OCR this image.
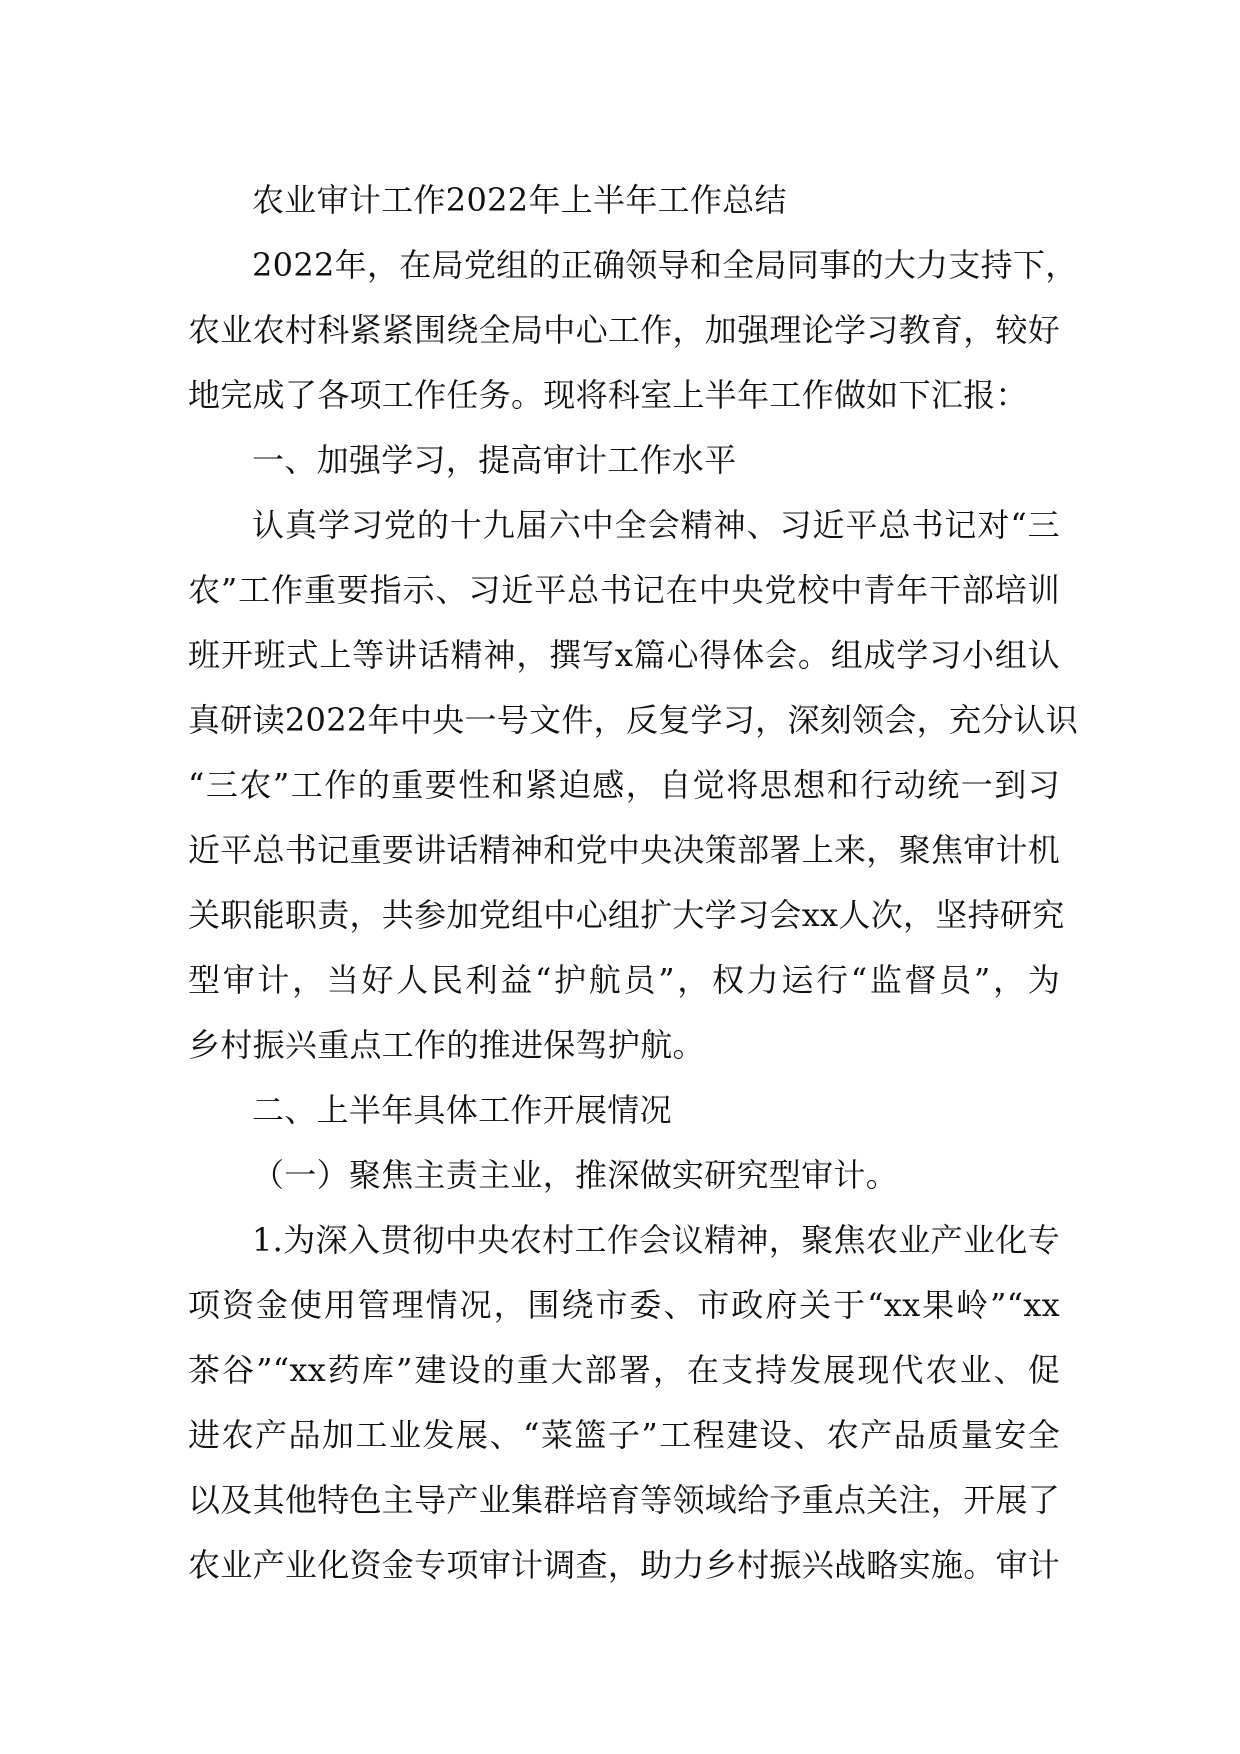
农业审计工作2022年上半年工作总结
2022年，在局党组的正确领导和全局同事的大力支持下，
农业农村科紧紧围绕全局中心工作，加强理论学习教育，较好
地完成了各项工作任务。现将科室上半年工作做如下汇报：
一、加强学习，提高审计工作水平
认真学习党的十九届六中全会精神、习近平总书记对“三
农”工作重要指示、习近平总书记在中央党校中青年干部培训
班开班式上等讲话精神，撰写x篇心得体会。组成学习小组认
真研读2022年中央一号文件，反复学习，深刻领会，充分认识
“三农”工作的重要性和紧迫感，自觉将思想和行动统一到习
近平总书记重要讲话精神和党中央决策部署上来，聚焦审计机
关职能职责，共参加党组中心组扩大学习会xx人次，坚持研究
型审计，当好人民利益“护航员”，权力运行“监督员”，为
乡村振兴重点工作的推进保驾护航。
二、上半年具体工作开展情况
（一）聚焦主责主业，推深做实研究型审计。
1.为深入贯彻中央农村工作会议精神，聚焦农业产业化专
项资金使用管理情况，围绕市委、市政府关于“xx果岭”“xx
茶谷”“xx药库”建设的重大部署，在支持发展现代农业、促
进农产品加工业发展、“菜篮子”工程建设、农产品质量安全
以及其他特色主导产业集群培育等领域给予重点关注，开展了
农业产业化资金专项审计调查，助力乡村振兴战略实施。审计
